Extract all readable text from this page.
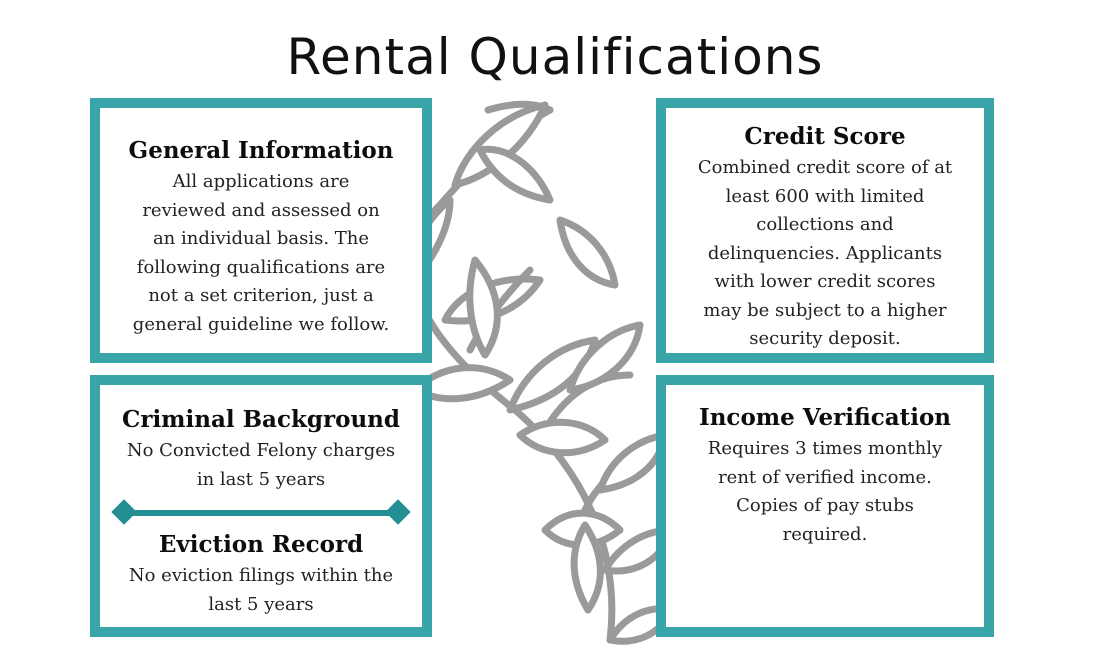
Rental Qualifications
General Information
All applications are
reviewed and assessed on
an individual basis. The
following qualifications are
not a set criterion, just a
general guideline we follow.
Credit Score
Combined credit score of at
least 600 with limited
collections and
delinquencies. Applicants
with lower credit scores
may be subject to a higher
security deposit.
Criminal Background
No Convicted Felony charges
in last 5 years
Eviction Record
No eviction filings within the
last 5 years
Income Verification
Requires 3 times monthly
rent of verified income.
Copies of pay stubs
required.
